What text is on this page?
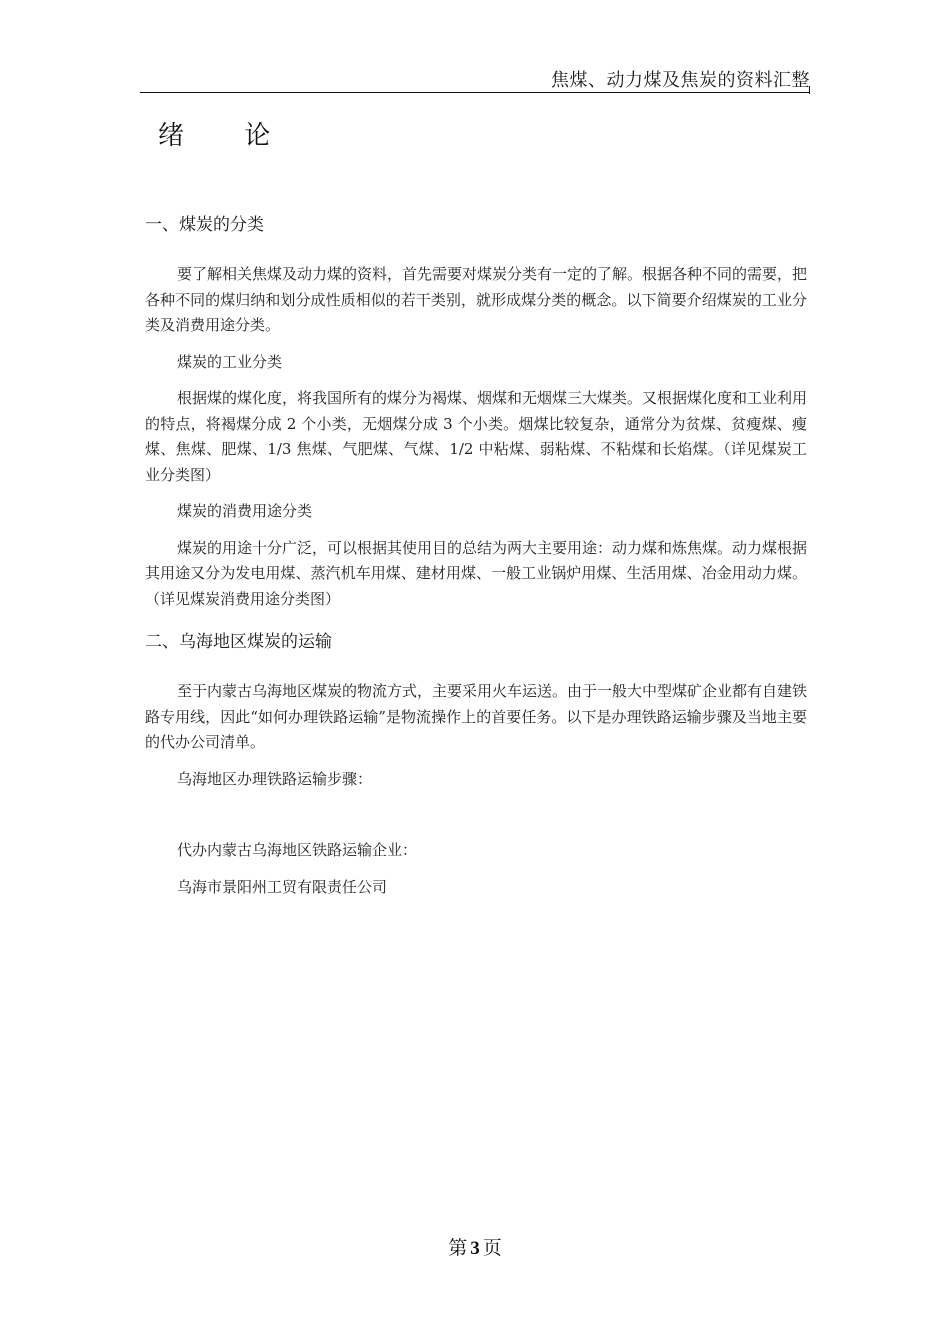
焦煤、动力煤及焦炭的资料汇整
绪 论
一、煤炭的分类

要了解相关焦煤及动力煤的资料，首先需要对煤炭分类有一定的了解。根据各种不同的需要，把各种不同的煤归纳和划分成性质相似的若干类别，就形成煤分类的概念。以下简要介绍煤炭的工业分类及消费用途分类。

煤炭的工业分类

根据煤的煤化度，将我国所有的煤分为褐煤、烟煤和无烟煤三大煤类。又根据煤化度和工业利用的特点，将褐煤分成 2 个小类，无烟煤分成 3 个小类。烟煤比较复杂，通常分为贫煤、贫瘦煤、瘦煤、焦煤、肥煤、1/3 焦煤、气肥煤、气煤、1/2 中粘煤、弱粘煤、不粘煤和长焰煤。（详见煤炭工业分类图）

煤炭的消费用途分类

煤炭的用途十分广泛，可以根据其使用目的总结为两大主要用途：动力煤和炼焦煤。动力煤根据其用途又分为发电用煤、蒸汽机车用煤、建材用煤、一般工业锅炉用煤、生活用煤、冶金用动力煤。（详见煤炭消费用途分类图）

二、乌海地区煤炭的运输

至于内蒙古乌海地区煤炭的物流方式，主要采用火车运送。由于一般大中型煤矿企业都有自建铁路专用线，因此“如何办理铁路运输”是物流操作上的首要任务。以下是办理铁路运输步骤及当地主要的代办公司清单。

乌海地区办理铁路运输步骤：

代办内蒙古乌海地区铁路运输企业：

乌海市景阳州工贸有限责任公司

第 3 页
